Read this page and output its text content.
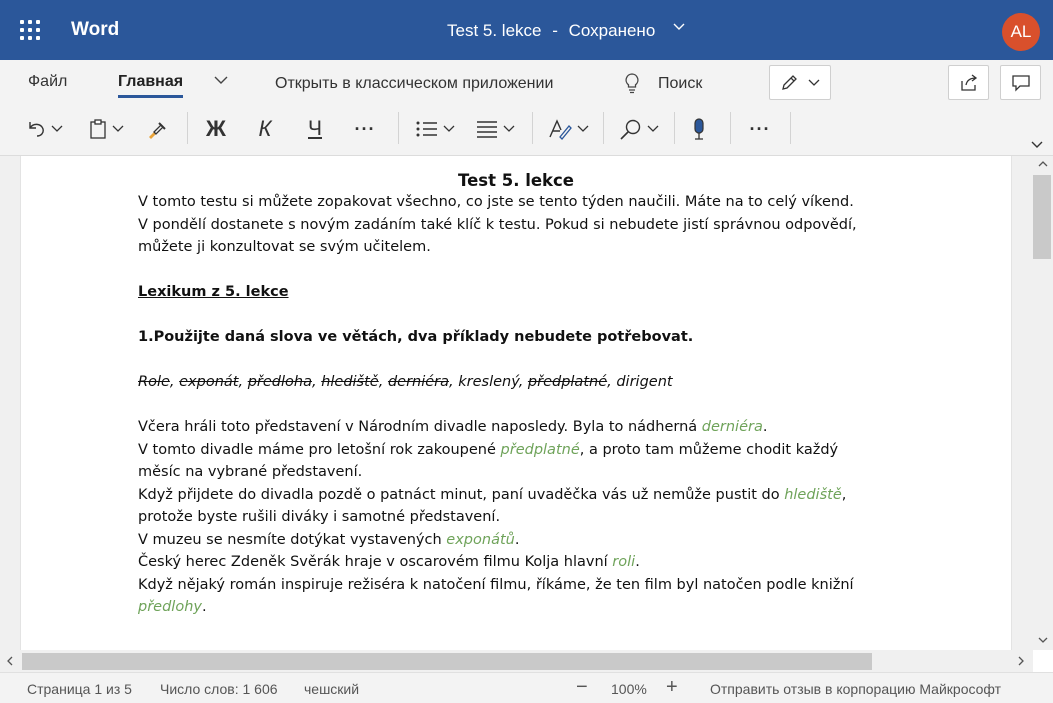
Word	Test 5. lekce - Сохранено	AL
Файл	Главная	Открыть в классическом приложении	Поиск
Ж	К	Ч	···	···
Test 5. lekce
V tomto testu si můžete zopakovat všechno, co jste se tento týden naučili. Máte na to celý víkend.
V pondělí dostanete s novým zadáním také klíč k testu. Pokud si nebudete jistí správnou odpovědí,
můžete ji konzultovat se svým učitelem.
Lexikum z 5. lekce
1.Použijte daná slova ve větách, dva příklady nebudete potřebovat.
Role, exponát, předloha, hlediště, derniéra, kreslený, předplatné, dirigent
Včera hráli toto představení v Národním divadle naposledy. Byla to nádherná derniéra.
V tomto divadle máme pro letošní rok zakoupené předplatné, a proto tam můžeme chodit každý
měsíc na vybrané představení.
Když přijdete do divadla pozdě o patnáct minut, paní uvaděčka vás už nemůže pustit do hlediště,
protože byste rušili diváky i samotné představení.
V muzeu se nesmíte dotýkat vystavených exponátů.
Český herec Zdeněk Svěrák hraje v oscarovém filmu Kolja hlavní roli.
Když nějaký román inspiruje režiséra k natočení filmu, říkáme, že ten film byl natočen podle knižní
předlohy.
Страница 1 из 5 Число слов: 1 606 чешский	− 100% + Отправить отзыв в корпорацию Майкрософт
